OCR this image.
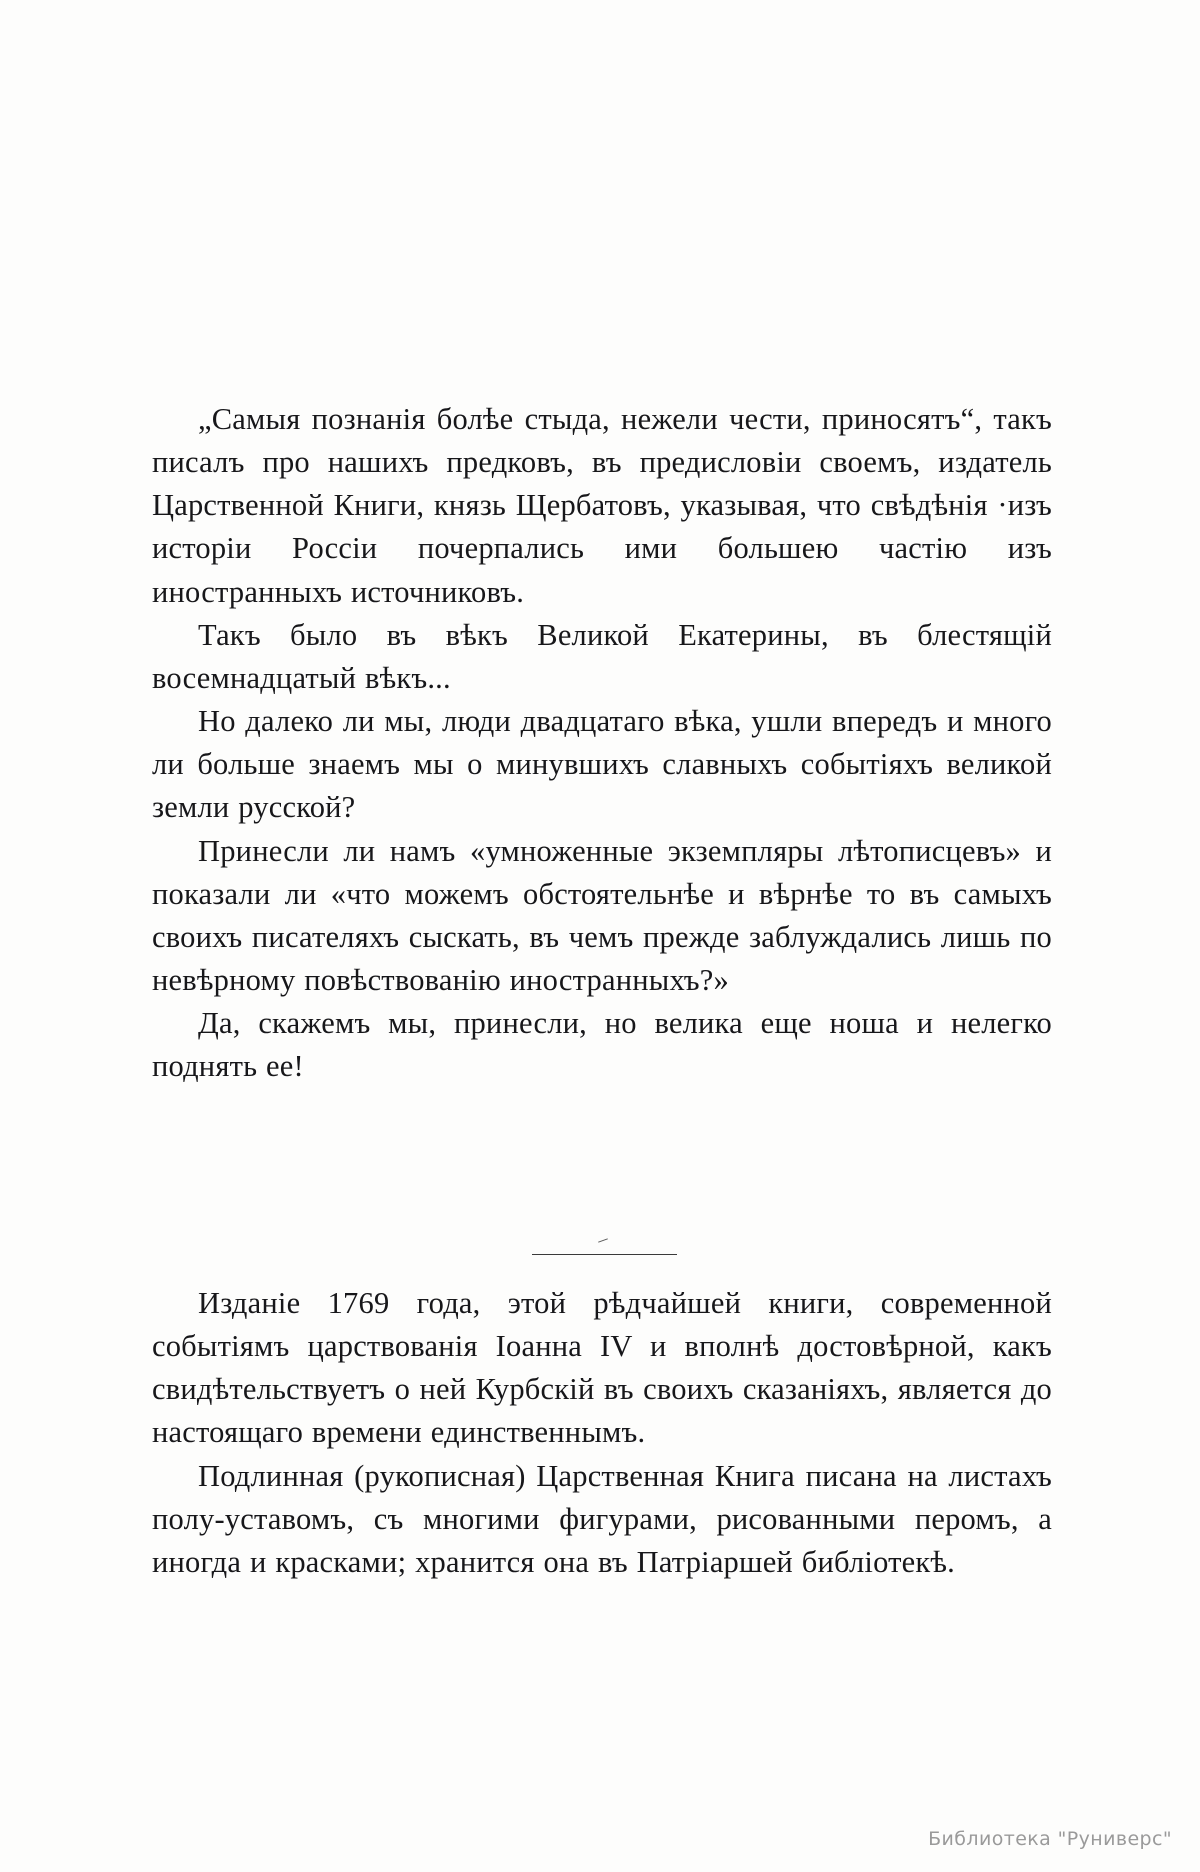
„Самыя познанія болѣе стыда, нежели чести, приносятъ“, такъ писалъ про нашихъ предковъ, въ предисловіи своемъ, издатель Царственной Книги, князь Щербатовъ, указывая, что свѣдѣнія ·изъ исторіи Россіи почерпались ими большею частію изъ иностранныхъ источниковъ.

Такъ было въ вѣкъ Великой Екатерины, въ блестящій восемнадцатый вѣкъ...

Но далеко ли мы, люди двадцатаго вѣка, ушли впередъ и много ли больше знаемъ мы о минувшихъ славныхъ событіяхъ великой земли русской?

Принесли ли намъ «умноженные экземпляры лѣтописцевъ» и показали ли «что можемъ обстоятельнѣе и вѣрнѣе то въ самыхъ своихъ писателяхъ сыскать, въ чемъ прежде заблуждались лишь по невѣрному повѣствованію иностранныхъ?»

Да, скажемъ мы, принесли, но велика еще ноша и нелегко поднять ее!

Изданіе 1769 года, этой рѣдчайшей книги, современной событіямъ царствованія Іоанна IV и вполнѣ достовѣрной, какъ свидѣтельствуетъ о ней Курбскій въ своихъ сказаніяхъ, является до настоящаго времени единственнымъ.

Подлинная (рукописная) Царственная Книга писана на листахъ полу-уставомъ, съ многими фигурами, рисованными перомъ, а иногда и красками; хранится она въ Патріаршей библіотекѣ.

Библиотека "Руниверс"
